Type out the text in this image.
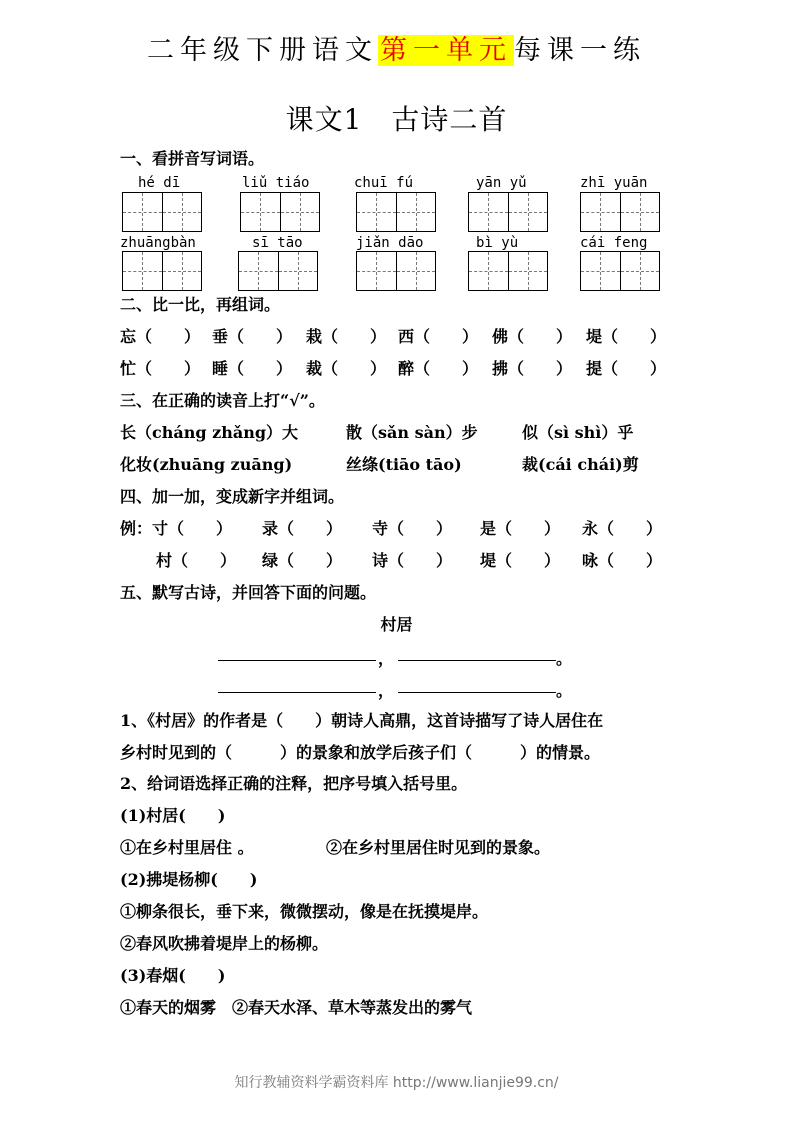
二年级下册语文第一单元每课一练
课文1　古诗二首
一、看拼音写词语。
hé dī	liǔ tiáo	chuī fú	yān yǔ	zhī yuān
zhuāngbàn	sī tāo	jiǎn dāo	bì yù	cái feng
二、比一比，再组词。
忘（　　） 垂（　　） 栽（　　） 西（　　） 佛（　　） 堤（　　）
忙（　　） 睡（　　） 裁（　　） 醉（　　） 拂（　　） 提（　　）
三、在正确的读音上打“√”。
长（cháng zhǎng）大	散（sǎn sàn）步	似（sì shì）乎
化妆(zhuāng zuāng)	丝绦(tiāo tāo)	裁(cái chái)剪
四、加一加，变成新字并组词。
例：寸（　　） 录（　　） 寺（　　） 是（　　） 永（　　）
村（　　） 绿（　　） 诗（　　） 堤（　　） 咏（　　）
五、默写古诗，并回答下面的问题。
村居
，	。
，	。
1、《村居》的作者是（　　）朝诗人高鼎，这首诗描写了诗人居住在
乡村时见到的（　　　）的景象和放学后孩子们（　　　）的情景。
2、给词语选择正确的注释，把序号填入括号里。
(1)村居(　　)
①在乡村里居住 。	②在乡村里居住时见到的景象。
(2)拂堤杨柳(　　)
①柳条很长，垂下来，微微摆动，像是在抚摸堤岸。
②春风吹拂着堤岸上的杨柳。
(3)春烟(　　)
①春天的烟雾　②春天水泽、草木等蒸发出的雾气
知行教辅资料学霸资料库 http://www.lianjie99.cn/
